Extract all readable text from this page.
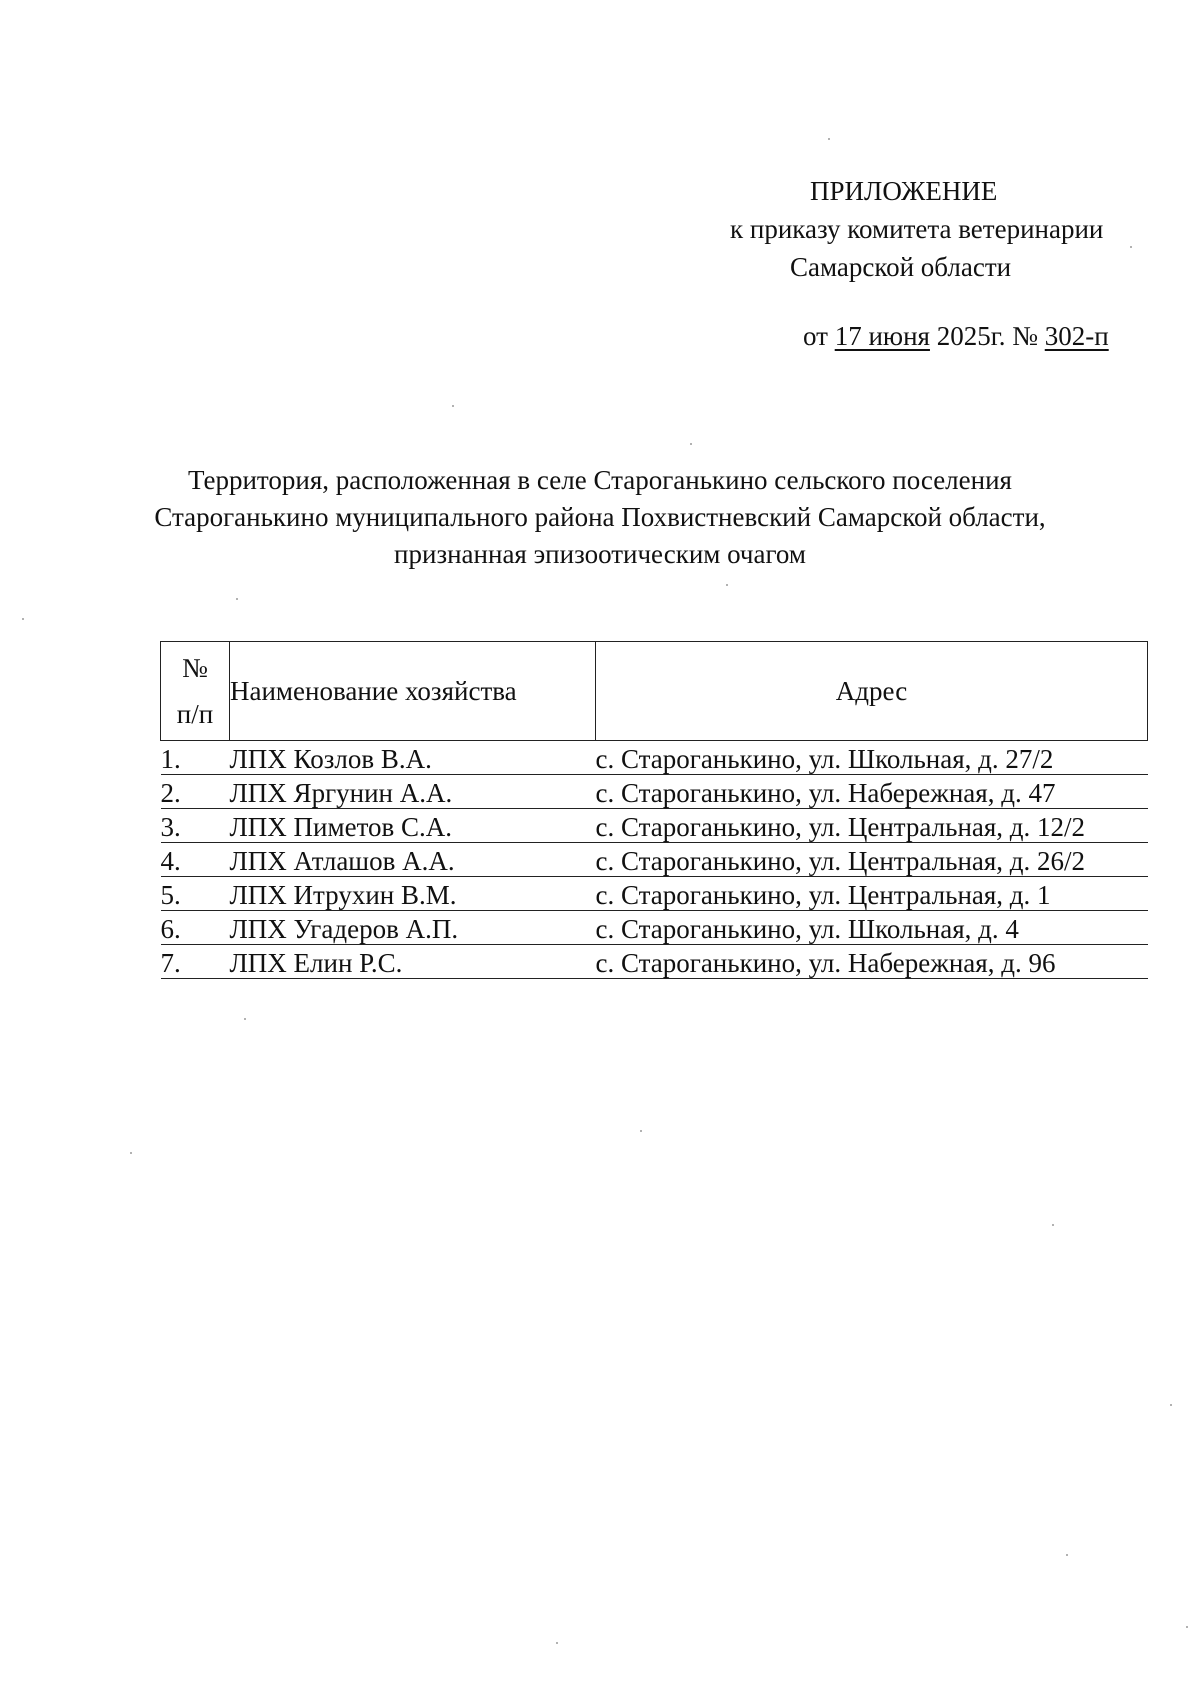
ПРИЛОЖЕНИЕ
к приказу комитета ветеринарии
Самарской области
от 17 июня 2025г. № 302-п
Территория, расположенная в селе Староганькино сельского поселения
Староганькино муниципального района Похвистневский Самарской области,
признанная эпизоотическим очагом
№
п/п	Наименование хозяйства	Адрес
1.	ЛПХ Козлов В.А.	с. Староганькино, ул. Школьная, д. 27/2
2.	ЛПХ Яргунин А.А.	с. Староганькино, ул. Набережная, д. 47
3.	ЛПХ Пиметов С.А.	с. Староганькино, ул. Центральная, д. 12/2
4.	ЛПХ Атлашов А.А.	с. Староганькино, ул. Центральная, д. 26/2
5.	ЛПХ Итрухин В.М.	с. Староганькино, ул. Центральная, д. 1
6.	ЛПХ Угадеров А.П.	с. Староганькино, ул. Школьная, д. 4
7.	ЛПХ Елин Р.С.	с. Староганькино, ул. Набережная, д. 96
